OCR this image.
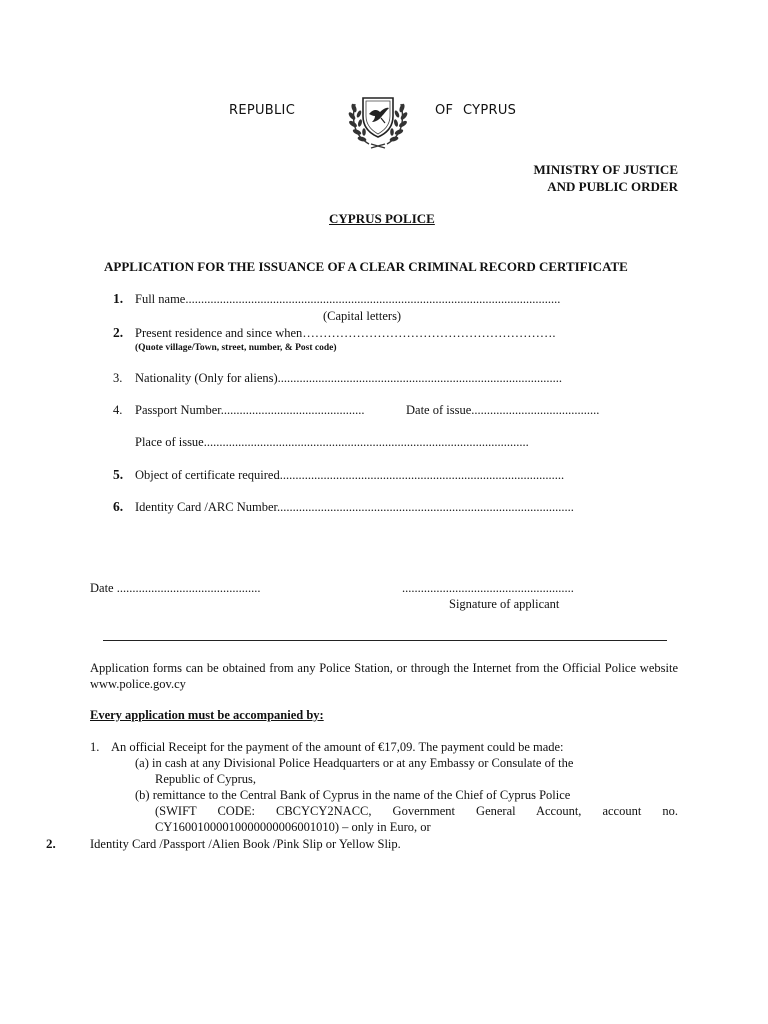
REPUBLIC	OF CYPRUS
MINISTRY OF JUSTICE
AND PUBLIC ORDER
CYPRUS POLICE
APPLICATION FOR THE ISSUANCE OF A CLEAR CRIMINAL RECORD CERTIFICATE
1. Full name........................................................................................................................
(Capital letters)
2. Present residence and since when…………………………………………………….
(Quote village/Town, street, number, & Post code)
3. Nationality (Only for aliens)...........................................................................................
4. Passport Number..............................................	Date of issue.........................................
Place of issue........................................................................................................
5. Object of certificate required...........................................................................................
6. Identity Card /ARC Number...............................................................................................
Date ..............................................	.......................................................
Signature of applicant
Application forms can be obtained from any Police Station, or through the Internet from the Official Police website www.police.gov.cy
Every application must be accompanied by:
1. An official Receipt for the payment of the amount of €17,09. The payment could be made:
(a) in cash at any Divisional Police Headquarters or at any Embassy or Consulate of the
Republic of Cyprus,
(b) remittance to the Central Bank of Cyprus in the name of the Chief of Cyprus Police
(SWIFT CODE: CBCYCY2NACC, Government General Account, account no.
CY16001000010000000006001010) – only in Euro, or
2.	Identity Card /Passport /Alien Book /Pink Slip or Yellow Slip.
